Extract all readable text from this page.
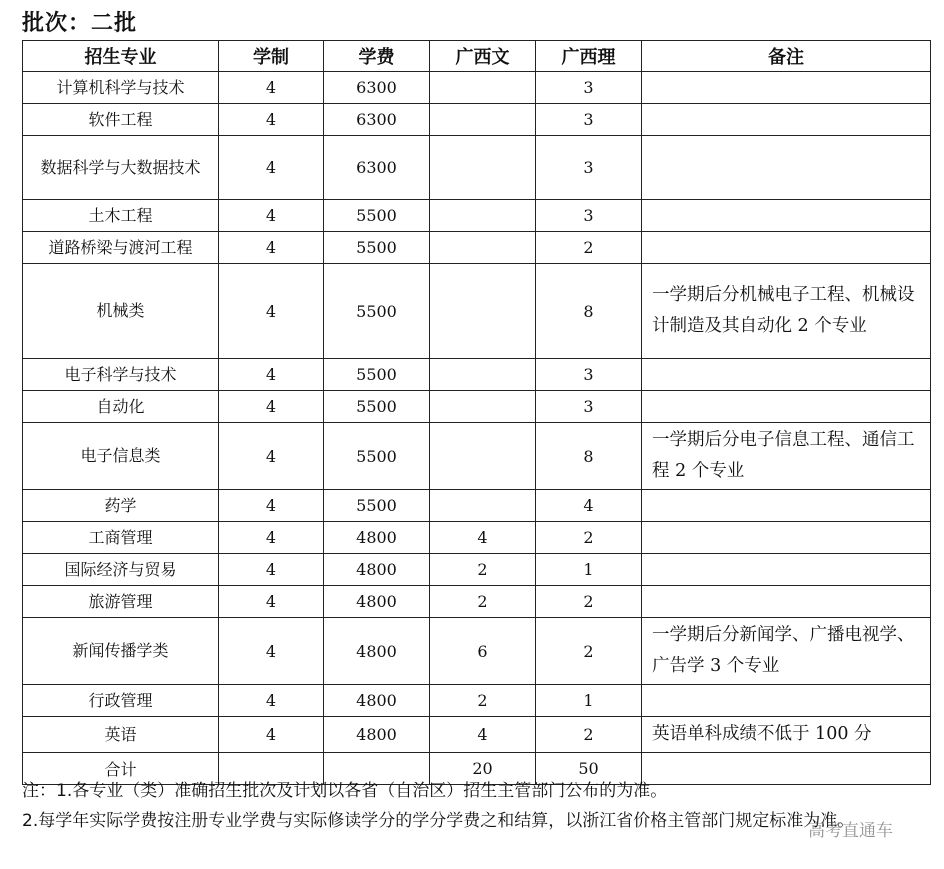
批次：二批
招生专业	学制	学费	广西文	广西理	备注
计算机科学与技术	4	6300		3	
软件工程	4	6300		3	
数据科学与大数据技术	4	6300		3	
土木工程	4	5500		3	
道路桥梁与渡河工程	4	5500		2	
机械类	4	5500		8	一学期后分机械电子工程、机械设计制造及其自动化 2 个专业
电子科学与技术	4	5500		3	
自动化	4	5500		3	
电子信息类	4	5500		8	一学期后分电子信息工程、通信工程 2 个专业
药学	4	5500		4	
工商管理	4	4800	4	2	
国际经济与贸易	4	4800	2	1	
旅游管理	4	4800	2	2	
新闻传播学类	4	4800	6	2	一学期后分新闻学、广播电视学、广告学 3 个专业
行政管理	4	4800	2	1	
英语	4	4800	4	2	英语单科成绩不低于 100 分
合计			20	50	

注：1.各专业（类）准确招生批次及计划以各省（自治区）招生主管部门公布的为准。

2.每学年实际学费按注册专业学费与实际修读学分的学分学费之和结算，以浙江省价格主管部门规定标准为准。

高考直通车
